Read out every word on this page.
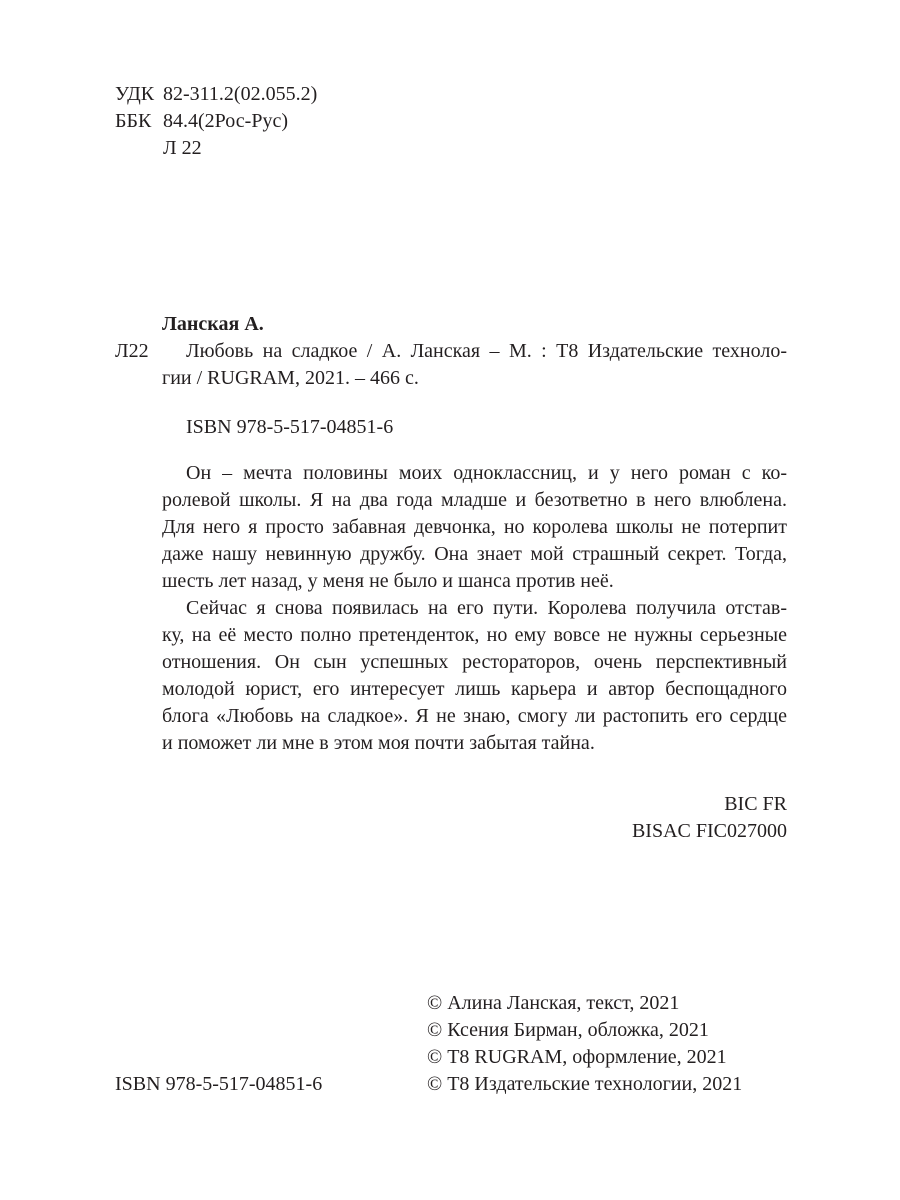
УДК 82-311.2(02.055.2)
ББК 84.4(2Рос-Рус)
Л 22
Ланская А.
Л22	Любовь на сладкое / А. Ланская – М. : Т8 Издательские техноло-
гии / RUGRAM, 2021. – 466 с.
ISBN 978-5-517-04851-6
Он – мечта половины моих одноклассниц, и у него роман с ко-
ролевой школы. Я на два года младше и безответно в него влюблена.
Для него я просто забавная девчонка, но королева школы не потерпит
даже нашу невинную дружбу. Она знает мой страшный секрет. Тогда,
шесть лет назад, у меня не было и шанса против неё.
Сейчас я снова появилась на его пути. Королева получила отстав-
ку, на её место полно претенденток, но ему вовсе не нужны серьезные
отношения. Он сын успешных рестораторов, очень перспективный
молодой юрист, его интересует лишь карьера и автор беспощадного
блога «Любовь на сладкое». Я не знаю, смогу ли растопить его сердце
и поможет ли мне в этом моя почти забытая тайна.
BIC FR
BISAC FIC027000
© Алина Ланская, текст, 2021
© Ксения Бирман, обложка, 2021
© Т8 RUGRAM, оформление, 2021
© Т8 Издательские технологии, 2021
ISBN 978-5-517-04851-6
